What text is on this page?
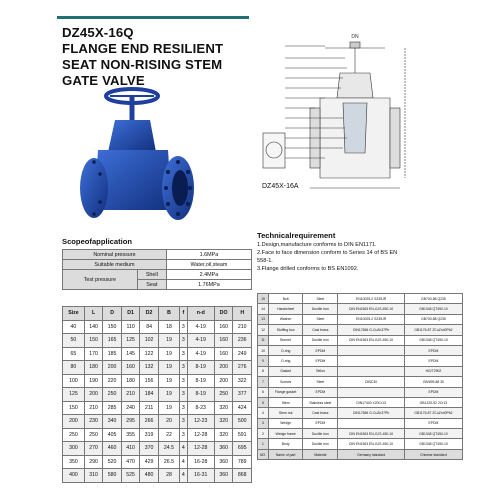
DZ45X-16Q
FLANGE END RESILIENT
SEAT NON-RISING STEM
GATE VALVE
DN
DZ45X-16A
Scopeofapplication
Nominal pressure		1.6MPa
Suitable medium		Water,oil,steam
Test pressure	Shell	2.4MPa
	Seat	1.76MPa
Size	L	D	D1	D2	B	f	n-d	DO	H
40	140	150	110	84	18	3	4-19	160	210
50	150	165	125	102	19	3	4-19	160	236
65	170	185	145	122	19	3	4-19	160	249
80	180	200	160	132	19	3	8-19	200	276
100	190	220	180	156	19	3	8-19	200	322
125	200	250	210	184	19	3	8-19	250	377
150	210	285	240	211	19	3	8-23	320	424
200	230	340	295	266	20	3	12-23	320	500
250	250	405	355	319	22	3	12-28	320	591
300	270	460	410	370	24.5	4	12-28	360	695
350	290	520	470	429	26.5	4	16-28	360	789
400	310	580	525	480	28	4	16-31	360	868
Technicalrequirement
1.Design,manufacture conforms to DIN EN1171.
2.Face to face dimension conform to Series 14 of BS EN
558-1.
3.Flange drilled conforms to BS EN1092.
15	Bolt	Steel	EN10025-2 S235JR	GB700-88 Q235
14	Handwheel	Ductile iron	DIN EN1563 EN-GJS-450-10	GB1348 QT450-10
13	Washer	Steel	EN10025-2 S235JR	GB700-88 Q235
12	Stuffing box	Cast brass	DIN17656 G-CuZn37Pb	GB1176-87 ZCuZn40Pb2
11	Bonnet	Ductile iron	DIN EN1563 EN-GJS-450-10	GB1348 QT450-10
10	O-ring	EPDM		EPDM
9	O-ring	EPDM		EPDM
8	Gasket	Teflon		HG/T2902
7	Screws	Steel	DINC30	GB/699-88 30
6	Flange gasket	EPDM		EPDM
5	Stem	Stainless steel	DIN17440 X20Cr13	GB1220-92 2Cr13
4	Stem nut	Cast brass	DIN17656 G-CuZn37Pb	GB1176-87 ZCuZn40Pb2
3	Wedge	EPDM		EPDM
2	Wedge frame	Ductile iron	DIN EN1563 EN-GJS-450-10	GB1348 QT450-10
1	Body	Ductile iron	DIN EN1563 EN-GJS-450-10	GB1348 QT450-10
NO.	Name of part	Material	Germany standard	Chinese standard
